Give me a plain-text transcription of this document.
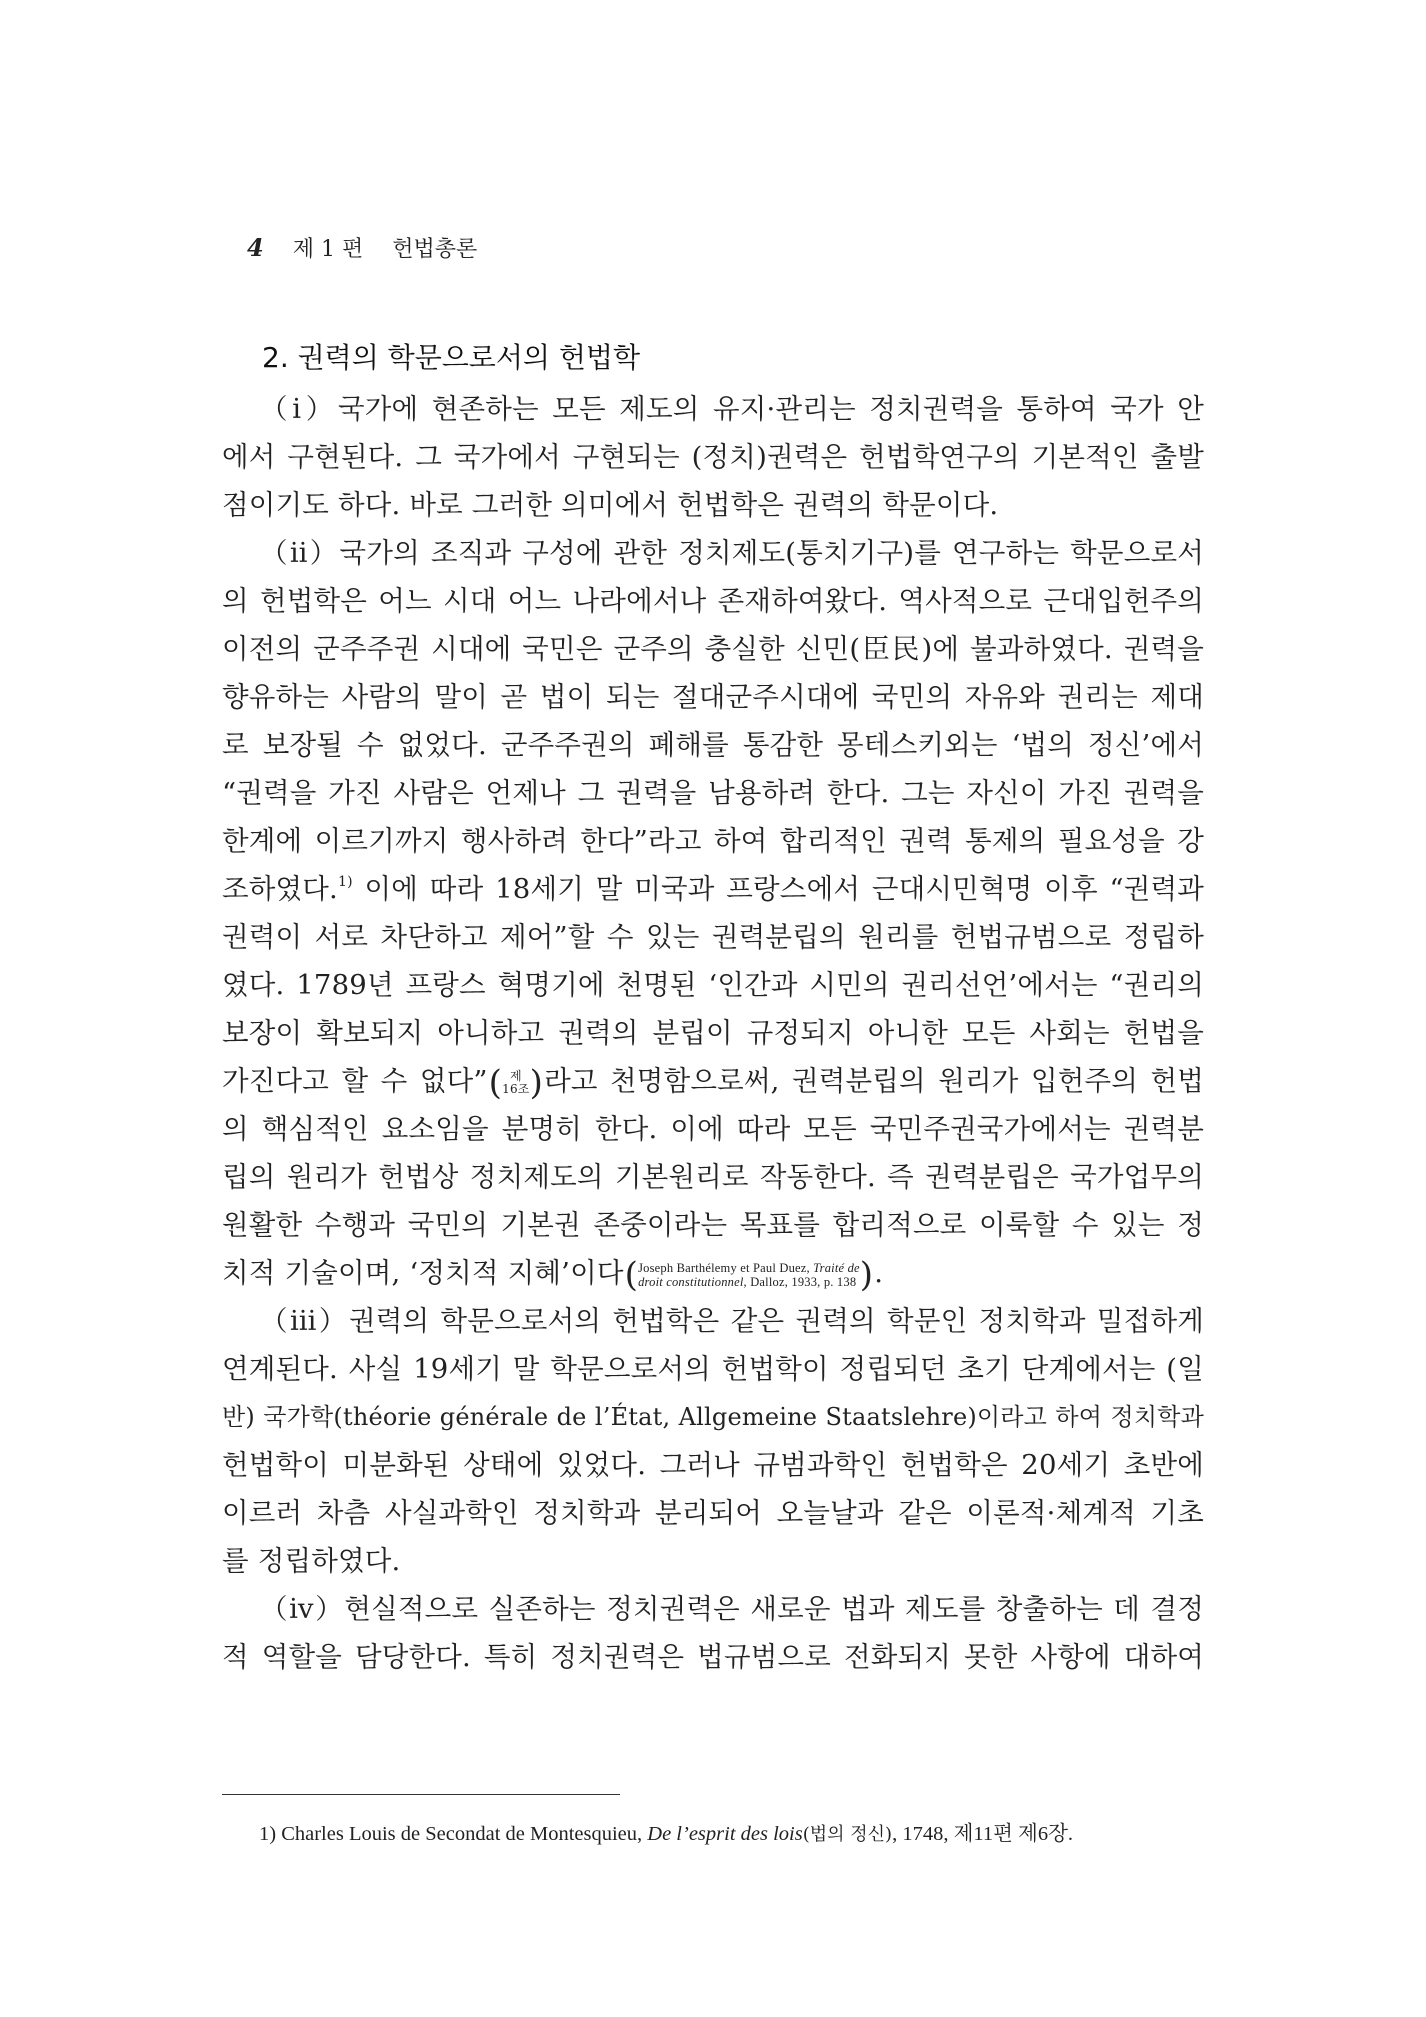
4 제 1 편 헌법총론
2. 권력의 학문으로서의 헌법학
（ⅰ）국가에 현존하는 모든 제도의 유지·관리는 정치권력을 통하여 국가 안
에서 구현된다. 그 국가에서 구현되는 (정치)권력은 헌법학연구의 기본적인 출발
점이기도 하다. 바로 그러한 의미에서 헌법학은 권력의 학문이다.
（ⅱ）국가의 조직과 구성에 관한 정치제도(통치기구)를 연구하는 학문으로서
의 헌법학은 어느 시대 어느 나라에서나 존재하여왔다. 역사적으로 근대입헌주의
이전의 군주주권 시대에 국민은 군주의 충실한 신민(臣民)에 불과하였다. 권력을
향유하는 사람의 말이 곧 법이 되는 절대군주시대에 국민의 자유와 권리는 제대
로 보장될 수 없었다. 군주주권의 폐해를 통감한 몽테스키외는 ‘법의 정신’에서
“권력을 가진 사람은 언제나 그 권력을 남용하려 한다. 그는 자신이 가진 권력을
한계에 이르기까지 행사하려 한다”라고 하여 합리적인 권력 통제의 필요성을 강
조하였다.$^{1)}$ 이에 따라 18세기 말 미국과 프랑스에서 근대시민혁명 이후 “권력과
권력이 서로 차단하고 제어”할 수 있는 권력분립의 원리를 헌법규범으로 정립하
였다. 1789년 프랑스 혁명기에 천명된 ‘인간과 시민의 권리선언’에서는 “권리의
보장이 확보되지 아니하고 권력의 분립이 규정되지 아니한 모든 사회는 헌법을
가진다고 할 수 없다”( 제
16조 )라고 천명함으로써, 권력분립의 원리가 입헌주의 헌법
의 핵심적인 요소임을 분명히 한다. 이에 따라 모든 국민주권국가에서는 권력분
립의 원리가 헌법상 정치제도의 기본원리로 작동한다. 즉 권력분립은 국가업무의
원활한 수행과 국민의 기본권 존중이라는 목표를 합리적으로 이룩할 수 있는 정
치적 기술이며, ‘정치적 지혜’이다( Joseph Barthélemy et Paul Duez, Traité de
droit constitutionnel, Dalloz, 1933, p. 138 ).
（ⅲ）권력의 학문으로서의 헌법학은 같은 권력의 학문인 정치학과 밀접하게
연계된다. 사실 19세기 말 학문으로서의 헌법학이 정립되던 초기 단계에서는 (일
반) 국가학(théorie générale de l’État, Allgemeine Staatslehre)이라고 하여 정치학과
헌법학이 미분화된 상태에 있었다. 그러나 규범과학인 헌법학은 20세기 초반에
이르러 차츰 사실과학인 정치학과 분리되어 오늘날과 같은 이론적·체계적 기초
를 정립하였다.
（ⅳ）현실적으로 실존하는 정치권력은 새로운 법과 제도를 창출하는 데 결정
적 역할을 담당한다. 특히 정치권력은 법규범으로 전화되지 못한 사항에 대하여
1) Charles Louis de Secondat de Montesquieu, De l’esprit des lois(법의 정신), 1748, 제11편 제6장.
